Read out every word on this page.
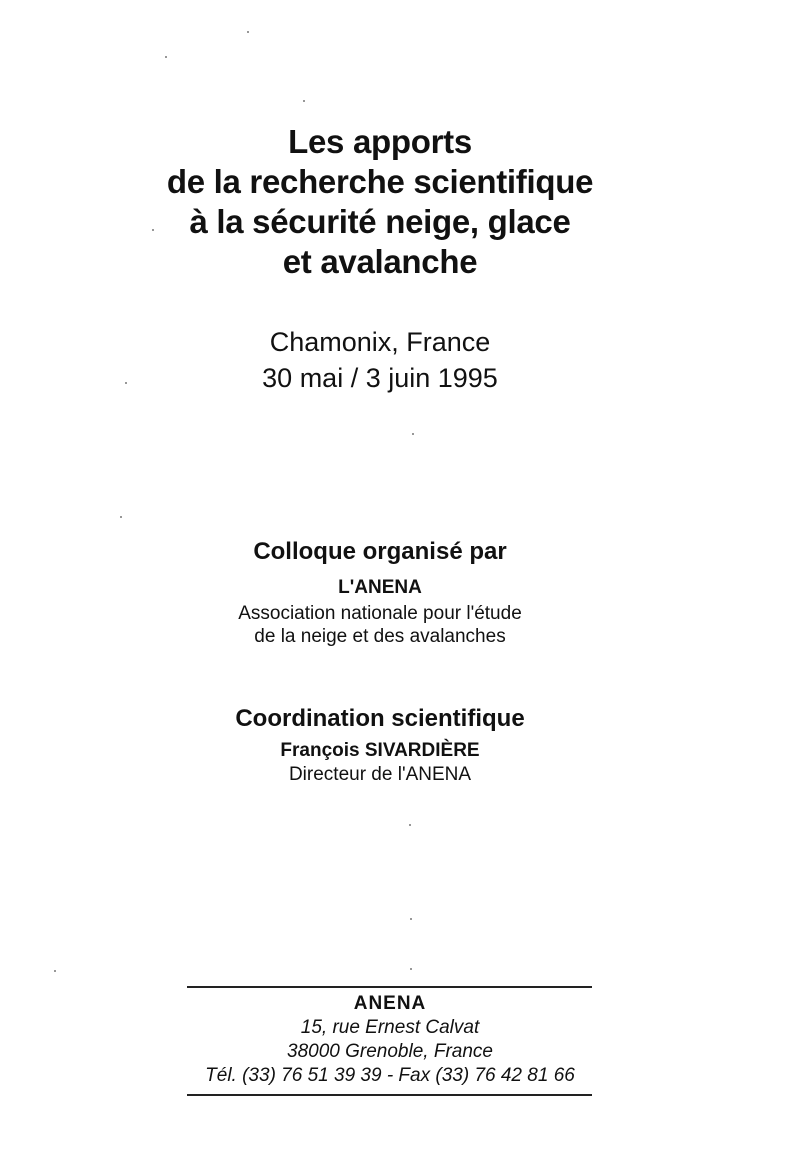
Les apports
de la recherche scientifique
à la sécurité neige, glace
et avalanche
Chamonix, France
30 mai / 3 juin 1995
Colloque organisé par
L'ANENA
Association nationale pour l'étude
de la neige et des avalanches
Coordination scientifique
François SIVARDIÈRE
Directeur de l'ANENA
ANENA
15, rue Ernest Calvat
38000 Grenoble, France
Tél. (33) 76 51 39 39 - Fax (33) 76 42 81 66
